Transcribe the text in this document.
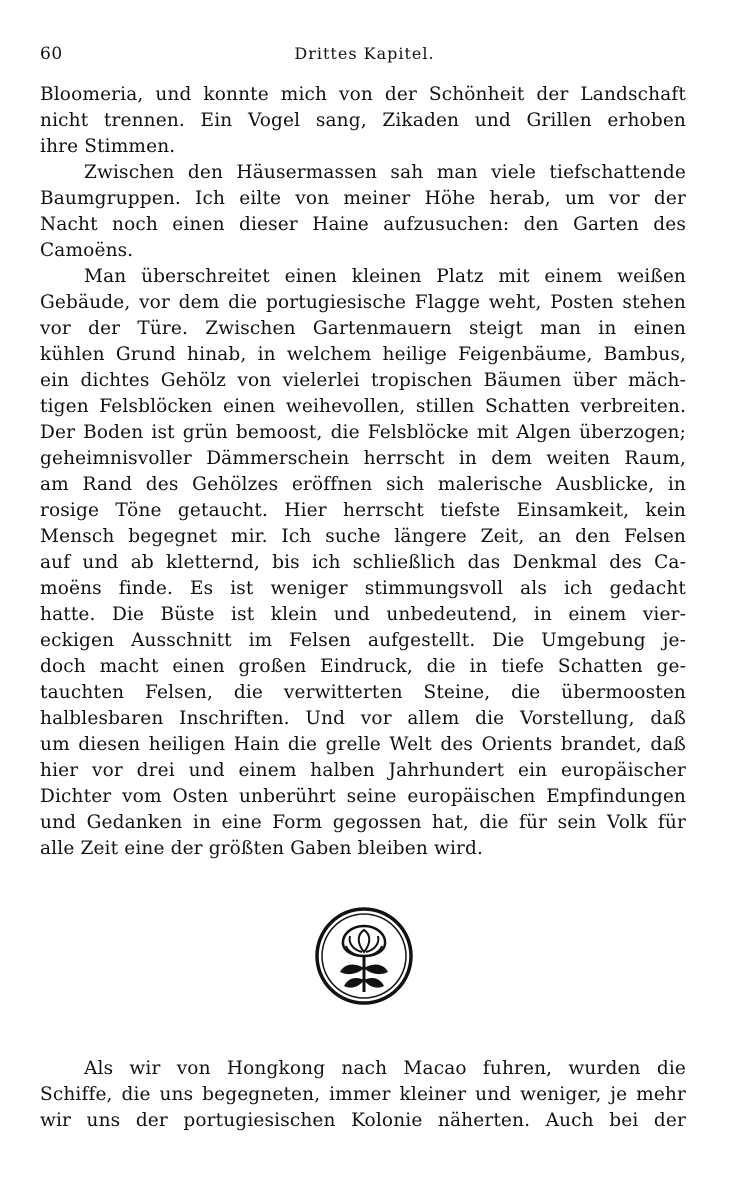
60	Drittes Kapitel.
Bloomeria, und konnte mich von der Schönheit der Landschaft
nicht trennen. Ein Vogel sang, Zikaden und Grillen erhoben
ihre Stimmen.
Zwischen den Häusermassen sah man viele tiefschattende
Baumgruppen. Ich eilte von meiner Höhe herab, um vor der
Nacht noch einen dieser Haine aufzusuchen: den Garten des
Camoëns.
Man überschreitet einen kleinen Platz mit einem weißen
Gebäude, vor dem die portugiesische Flagge weht, Posten stehen
vor der Türe. Zwischen Gartenmauern steigt man in einen
kühlen Grund hinab, in welchem heilige Feigenbäume, Bambus,
ein dichtes Gehölz von vielerlei tropischen Bäumen über mäch-
tigen Felsblöcken einen weihevollen, stillen Schatten verbreiten.
Der Boden ist grün bemoost, die Felsblöcke mit Algen überzogen;
geheimnisvoller Dämmerschein herrscht in dem weiten Raum,
am Rand des Gehölzes eröffnen sich malerische Ausblicke, in
rosige Töne getaucht. Hier herrscht tiefste Einsamkeit, kein
Mensch begegnet mir. Ich suche längere Zeit, an den Felsen
auf und ab kletternd, bis ich schließlich das Denkmal des Ca-
moëns finde. Es ist weniger stimmungsvoll als ich gedacht
hatte. Die Büste ist klein und unbedeutend, in einem vier-
eckigen Ausschnitt im Felsen aufgestellt. Die Umgebung je-
doch macht einen großen Eindruck, die in tiefe Schatten ge-
tauchten Felsen, die verwitterten Steine, die übermoosten
halblesbaren Inschriften. Und vor allem die Vorstellung, daß
um diesen heiligen Hain die grelle Welt des Orients brandet, daß
hier vor drei und einem halben Jahrhundert ein europäischer
Dichter vom Osten unberührt seine europäischen Empfindungen
und Gedanken in eine Form gegossen hat, die für sein Volk für
alle Zeit eine der größten Gaben bleiben wird.
Als wir von Hongkong nach Macao fuhren, wurden die
Schiffe, die uns begegneten, immer kleiner und weniger, je mehr
wir uns der portugiesischen Kolonie näherten. Auch bei der
